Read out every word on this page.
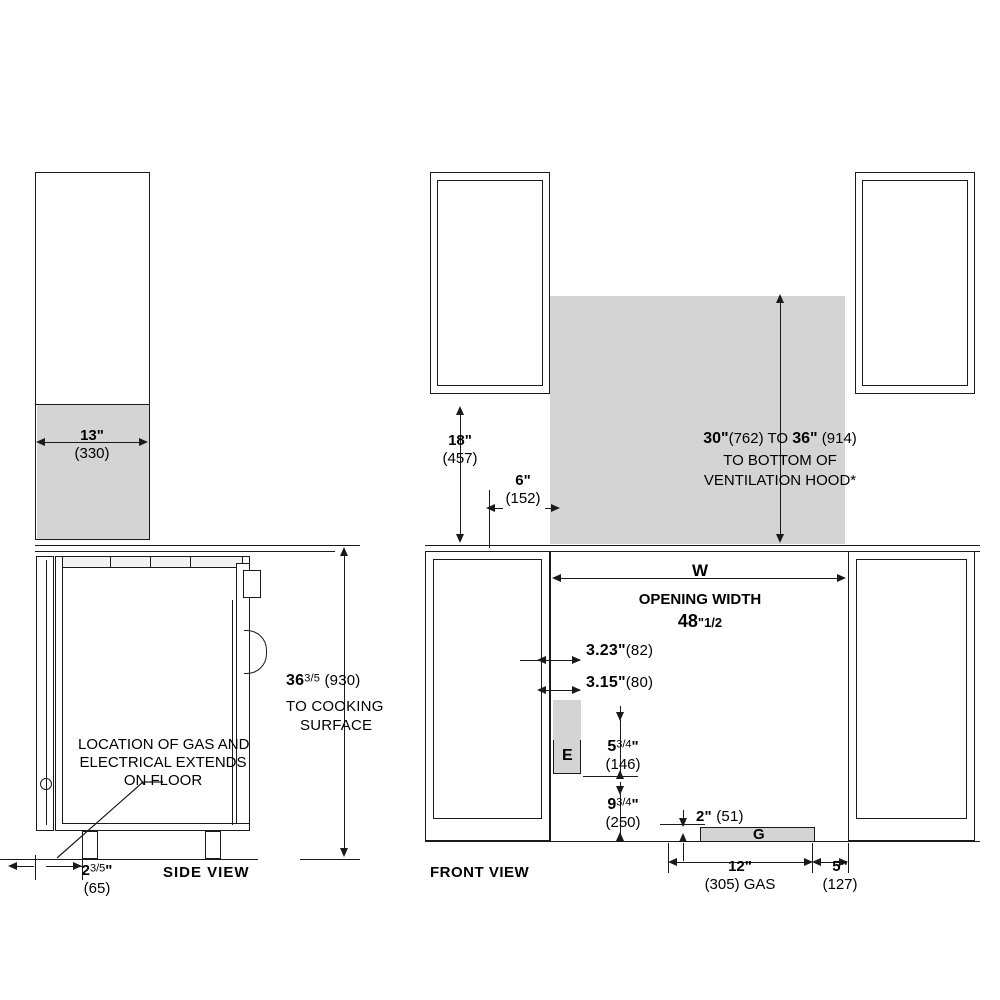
13"
(330)
LOCATION OF GAS AND
ELECTRICAL EXTENDS
ON FLOOR
$36^{3/5}$ (930)
TO COOKING
SURFACE
$2^{3/5}$"
(65)
SIDE VIEW
18"
(457)
6"
(152)
30"(762) TO 36" (914)
TO BOTTOM OF
VENTILATION HOOD*
W
OPENING WIDTH
48"1/2
3.23"(82)
3.15"(80)
E
$5^{3/4}$"
(146)
$9^{3/4}$"
(250)
G
2" (51)
12"
(305) GAS
5"
(127)
FRONT VIEW
